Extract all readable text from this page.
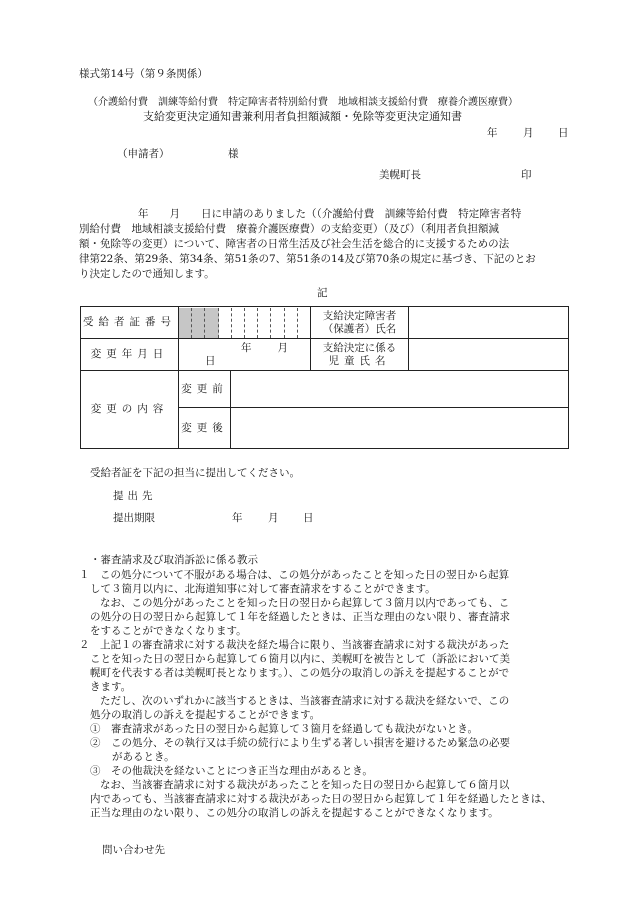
様式第14号（第９条関係）
（介護給付費　訓練等給付費　特定障害者特別給付費　地域相談支援給付費　療養介護医療費）
支給変更決定通知書兼利用者負担額減額・免除等変更決定通知書
年 月 日
（申請者）	様
美幌町長	印
年　　月　　日に申請のありました（（介護給付費　訓練等給付費　特定障害者特
別給付費　地域相談支援給付費　療養介護医療費）の支給変更）（及び）（利用者負担額減
額・免除等の変更）について、障害者の日常生活及び社会生活を総合的に支援するための法
律第22条、第29条、第34条、第51条の7、第51条の14及び第70条の規定に基づき、下記のとお
り決定したので通知します。
記
受給者証番号			支給決定障害者
（保護者）氏名	

変更年月日	年 月日		支給決定に係る
児童氏名	

変更の内容	変更前			
	変更後			
受給者証を下記の担当に提出してください。
提出先
提出期限	年 月 日
・審査請求及び取消訴訟に係る教示
１　この処分について不服がある場合は、この処分があったことを知った日の翌日から起算
して３箇月以内に、北海道知事に対して審査請求をすることができます。
なお、この処分があったことを知った日の翌日から起算して３箇月以内であっても、こ
の処分の日の翌日から起算して１年を経過したときは、正当な理由のない限り、審査請求
をすることができなくなります。
２　上記１の審査請求に対する裁決を経た場合に限り、当該審査請求に対する裁決があった
ことを知った日の翌日から起算して６箇月以内に、美幌町を被告として（訴訟において美
幌町を代表する者は美幌町長となります。）、この処分の取消しの訴えを提起することがで
きます。
ただし、次のいずれかに該当するときは、当該審査請求に対する裁決を経ないで、この
処分の取消しの訴えを提起することができます。
①　審査請求があった日の翌日から起算して３箇月を経過しても裁決がないとき。
②　この処分、その執行又は手続の続行により生ずる著しい損害を避けるため緊急の必要
があるとき。
③　その他裁決を経ないことにつき正当な理由があるとき。
なお、当該審査請求に対する裁決があったことを知った日の翌日から起算して６箇月以
内であっても、当該審査請求に対する裁決があった日の翌日から起算して１年を経過したときは、
正当な理由のない限り、この処分の取消しの訴えを提起することができなくなります。
問い合わせ先
